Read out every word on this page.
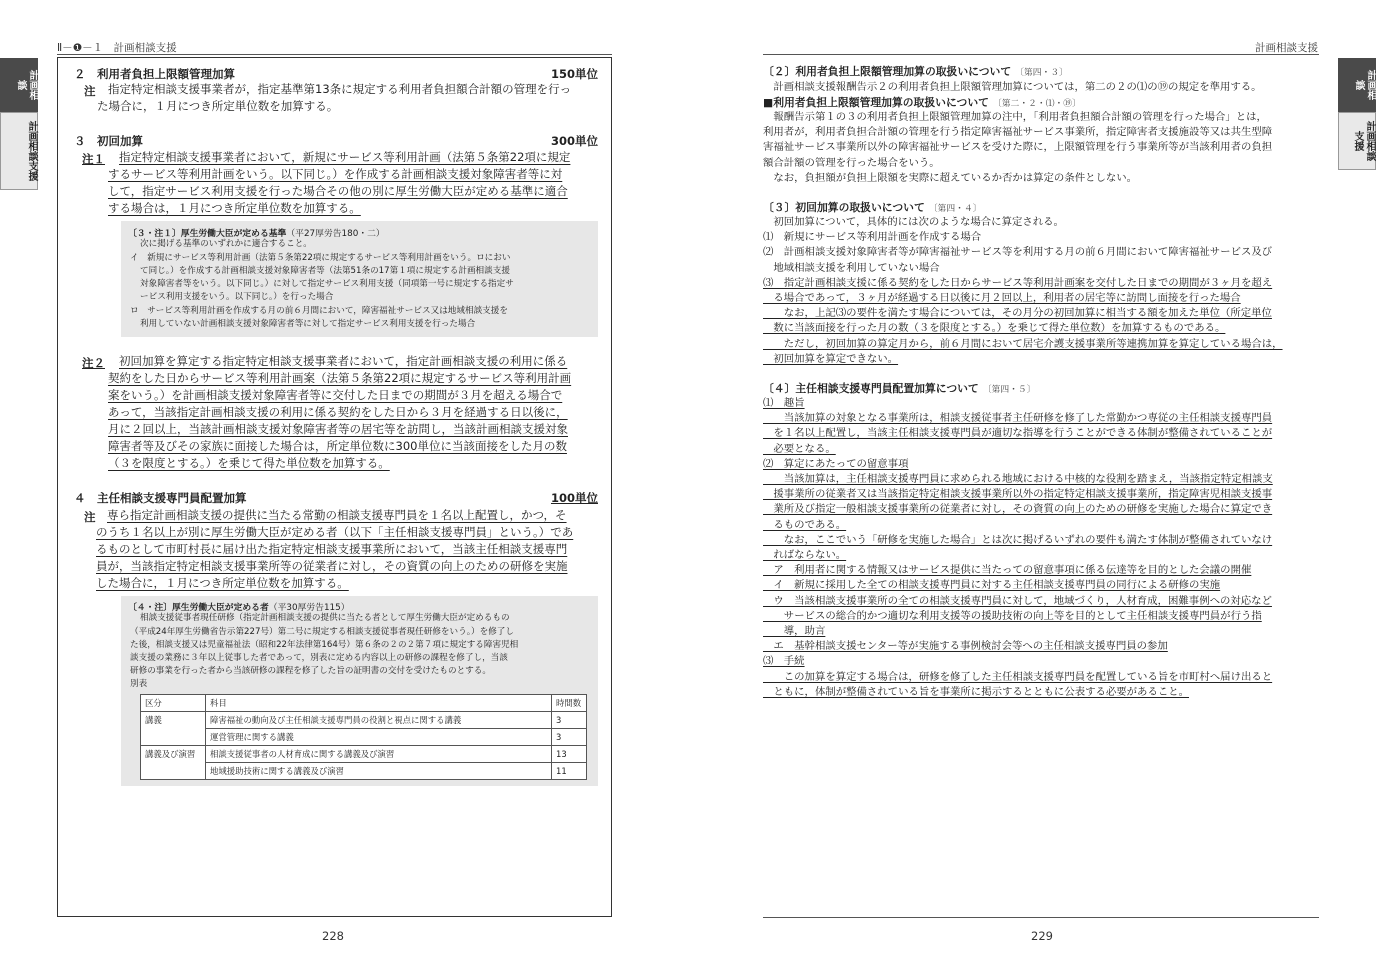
Ⅱ－❶－１　計画相談支援
計画相談
計画相談支援
２　利用者負担上限額管理加算	150単位
注 指定特定相談支援事業者が，指定基準第13条に規定する利用者負担額合計額の管理を行っ
た場合に，１月につき所定単位数を加算する。
３　初回加算	300単位
注１ 指定特定相談支援事業者において，新規にサービス等利用計画（法第５条第22項に規定
するサービス等利用計画をいう。以下同じ。）を作成する計画相談支援対象障害者等に対
して，指定サービス利用支援を行った場合その他の別に厚生労働大臣が定める基準に適合
する場合は，１月につき所定単位数を加算する。
〔３・注１〕厚生労働大臣が定める基準（平27厚労告180・二）
次に掲げる基準のいずれかに適合すること。
イ　新規にサービス等利用計画（法第５条第22項に規定するサービス等利用計画をいう。ロにおい
て同じ。）を作成する計画相談支援対象障害者等（法第51条の17第１項に規定する計画相談支援
対象障害者等をいう。以下同じ。）に対して指定サービス利用支援（同項第一号に規定する指定サ
ービス利用支援をいう。以下同じ。）を行った場合
ロ　サービス等利用計画を作成する月の前６月間において，障害福祉サービス又は地域相談支援を
利用していない計画相談支援対象障害者等に対して指定サービス利用支援を行った場合
注２ 初回加算を算定する指定特定相談支援事業者において，指定計画相談支援の利用に係る
契約をした日からサービス等利用計画案（法第５条第22項に規定するサービス等利用計画
案をいう。）を計画相談支援対象障害者等に交付した日までの期間が３月を超える場合で
あって，当該指定計画相談支援の利用に係る契約をした日から３月を経過する日以後に，
月に２回以上，当該計画相談支援対象障害者等の居宅等を訪問し，当該計画相談支援対象
障害者等及びその家族に面接した場合は，所定単位数に300単位に当該面接をした月の数
（３を限度とする。）を乗じて得た単位数を加算する。
４　主任相談支援専門員配置加算	100単位
注 専ら指定計画相談支援の提供に当たる常勤の相談支援専門員を１名以上配置し，かつ，そ
のうち１名以上が別に厚生労働大臣が定める者（以下「主任相談支援専門員」という。）であ
るものとして市町村長に届け出た指定特定相談支援事業所において，当該主任相談支援専門
員が，当該指定特定相談支援事業所等の従業者に対し，その資質の向上のための研修を実施
した場合に，１月につき所定単位数を加算する。
〔４・注〕厚生労働大臣が定める者（平30厚労告115）
相談支援従事者現任研修（指定計画相談支援の提供に当たる者として厚生労働大臣が定めるもの
（平成24年厚生労働省告示第227号）第二号に規定する相談支援従事者現任研修をいう。）を修了し
た後，相談支援又は児童福祉法（昭和22年法律第164号）第６条の２の２第７項に規定する障害児相
談支援の業務に３年以上従事した者であって，別表に定める内容以上の研修の課程を修了し，当該
研修の事業を行った者から当該研修の課程を修了した旨の証明書の交付を受けたものとする。
別表
区分	科目	時間数
講義	障害福祉の動向及び主任相談支援専門員の役割と視点に関する講義	3
	運営管理に関する講義	3
講義及び演習	相談支援従事者の人材育成に関する講義及び演習	13
	地域援助技術に関する講義及び演習	11
228
計画相談支援
計画相談
計画相談支援
〔２〕利用者負担上限額管理加算の取扱いについて 〔第四・３〕
　計画相談支援報酬告示２の利用者負担上限額管理加算については，第二の２の⑴の⑲の規定を準用する。
■利用者負担上限額管理加算の取扱いについて 〔第二・２・⑴・⑲〕
　報酬告示第１の３の利用者負担上限額管理加算の注中，「利用者負担額合計額の管理を行った場合」とは，
利用者が，利用者負担合計額の管理を行う指定障害福祉サービス事業所，指定障害者支援施設等又は共生型障
害福祉サービス事業所以外の障害福祉サービスを受けた際に，上限額管理を行う事業所等が当該利用者の負担
額合計額の管理を行った場合をいう。
　なお，負担額が負担上限額を実際に超えているか否かは算定の条件としない。
〔３〕初回加算の取扱いについて 〔第四・４〕
　初回加算について，具体的には次のような場合に算定される。
⑴　新規にサービス等利用計画を作成する場合
⑵　計画相談支援対象障害者等が障害福祉サービス等を利用する月の前６月間において障害福祉サービス及び
　地域相談支援を利用していない場合
⑶　指定計画相談支援に係る契約をした日からサービス等利用計画案を交付した日までの期間が３ヶ月を超え
　る場合であって，３ヶ月が経過する日以後に月２回以上，利用者の居宅等に訪問し面接を行った場合
　　なお，上記⑶の要件を満たす場合については，その月分の初回加算に相当する額を加えた単位（所定単位
　数に当該面接を行った月の数（３を限度とする。）を乗じて得た単位数）を加算するものである。
　　ただし，初回加算の算定月から，前６月間において居宅介護支援事業所等連携加算を算定している場合は，
　初回加算を算定できない。
〔４〕主任相談支援専門員配置加算について 〔第四・５〕
⑴　趣旨
　　当該加算の対象となる事業所は，相談支援従事者主任研修を修了した常勤かつ専従の主任相談支援専門員
　を１名以上配置し，当該主任相談支援専門員が適切な指導を行うことができる体制が整備されていることが
　必要となる。
⑵　算定にあたっての留意事項
　　当該加算は，主任相談支援専門員に求められる地域における中核的な役割を踏まえ，当該指定特定相談支
　援事業所の従業者又は当該指定特定相談支援事業所以外の指定特定相談支援事業所，指定障害児相談支援事
　業所及び指定一般相談支援事業所の従業者に対し，その資質の向上のための研修を実施した場合に算定でき
　るものである。
　　なお，ここでいう「研修を実施した場合」とは次に掲げるいずれの要件も満たす体制が整備されていなけ
　ればならない。
　ア　利用者に関する情報又はサービス提供に当たっての留意事項に係る伝達等を目的とした会議の開催
　イ　新規に採用した全ての相談支援専門員に対する主任相談支援専門員の同行による研修の実施
　ウ　当該相談支援事業所の全ての相談支援専門員に対して，地域づくり，人材育成，困難事例への対応など
　　サービスの総合的かつ適切な利用支援等の援助技術の向上等を目的として主任相談支援専門員が行う指
　　導，助言
　エ　基幹相談支援センター等が実施する事例検討会等への主任相談支援専門員の参加
⑶　手続
　　この加算を算定する場合は，研修を修了した主任相談支援専門員を配置している旨を市町村へ届け出ると
　ともに，体制が整備されている旨を事業所に掲示するとともに公表する必要があること。
229
